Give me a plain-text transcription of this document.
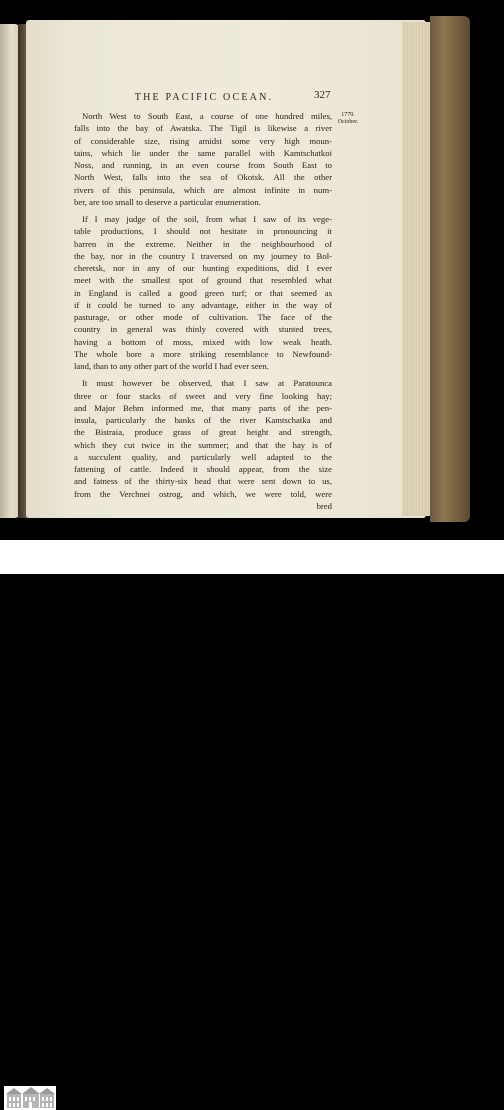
THE PACIFIC OCEAN.	327
1779.
October.
North West to South East, a course of one hundred miles,
falls into the bay of Awatska. The Tigil is likewise a river
of considerable size, rising amidst some very high moun-
tains, which lie under the same parallel with Kamtschatkoi
Noss, and running, in an even course from South East to
North West, falls into the sea of Okotsk. All the other
rivers of this peninsula, which are almost infinite in num-
ber, are too small to deserve a particular enumeration.
If I may judge of the soil, from what I saw of its vege-
table productions, I should not hesitate in pronouncing it
barren in the extreme. Neither in the neighbourhood of
the bay, nor in the country I traversed on my journey to Bol-
cheretsk, nor in any of our hunting expeditions, did I ever
meet with the smallest spot of ground that resembled what
in England is called a good green turf; or that seemed as
if it could be turned to any advantage, either in the way of
pasturage, or other mode of cultivation. The face of the
country in general was thinly covered with stunted trees,
having a bottom of moss, mixed with low weak heath.
The whole bore a more striking resemblance to Newfound-
land, than to any other part of the world I had ever seen.
It must however be observed, that I saw at Paratounca
three or four stacks of sweet and very fine looking hay;
and Major Behm informed me, that many parts of the pen-
insula, particularly the banks of the river Kamtschatka and
the Bistraia, produce grass of great height and strength,
which they cut twice in the summer; and that the hay is of
a succulent quality, and particularly well adapted to the
fattening of cattle. Indeed it should appear, from the size
and fatness of the thirty-six head that were sent down to us,
from the Verchnei ostrog, and which, we were told, were
bred
